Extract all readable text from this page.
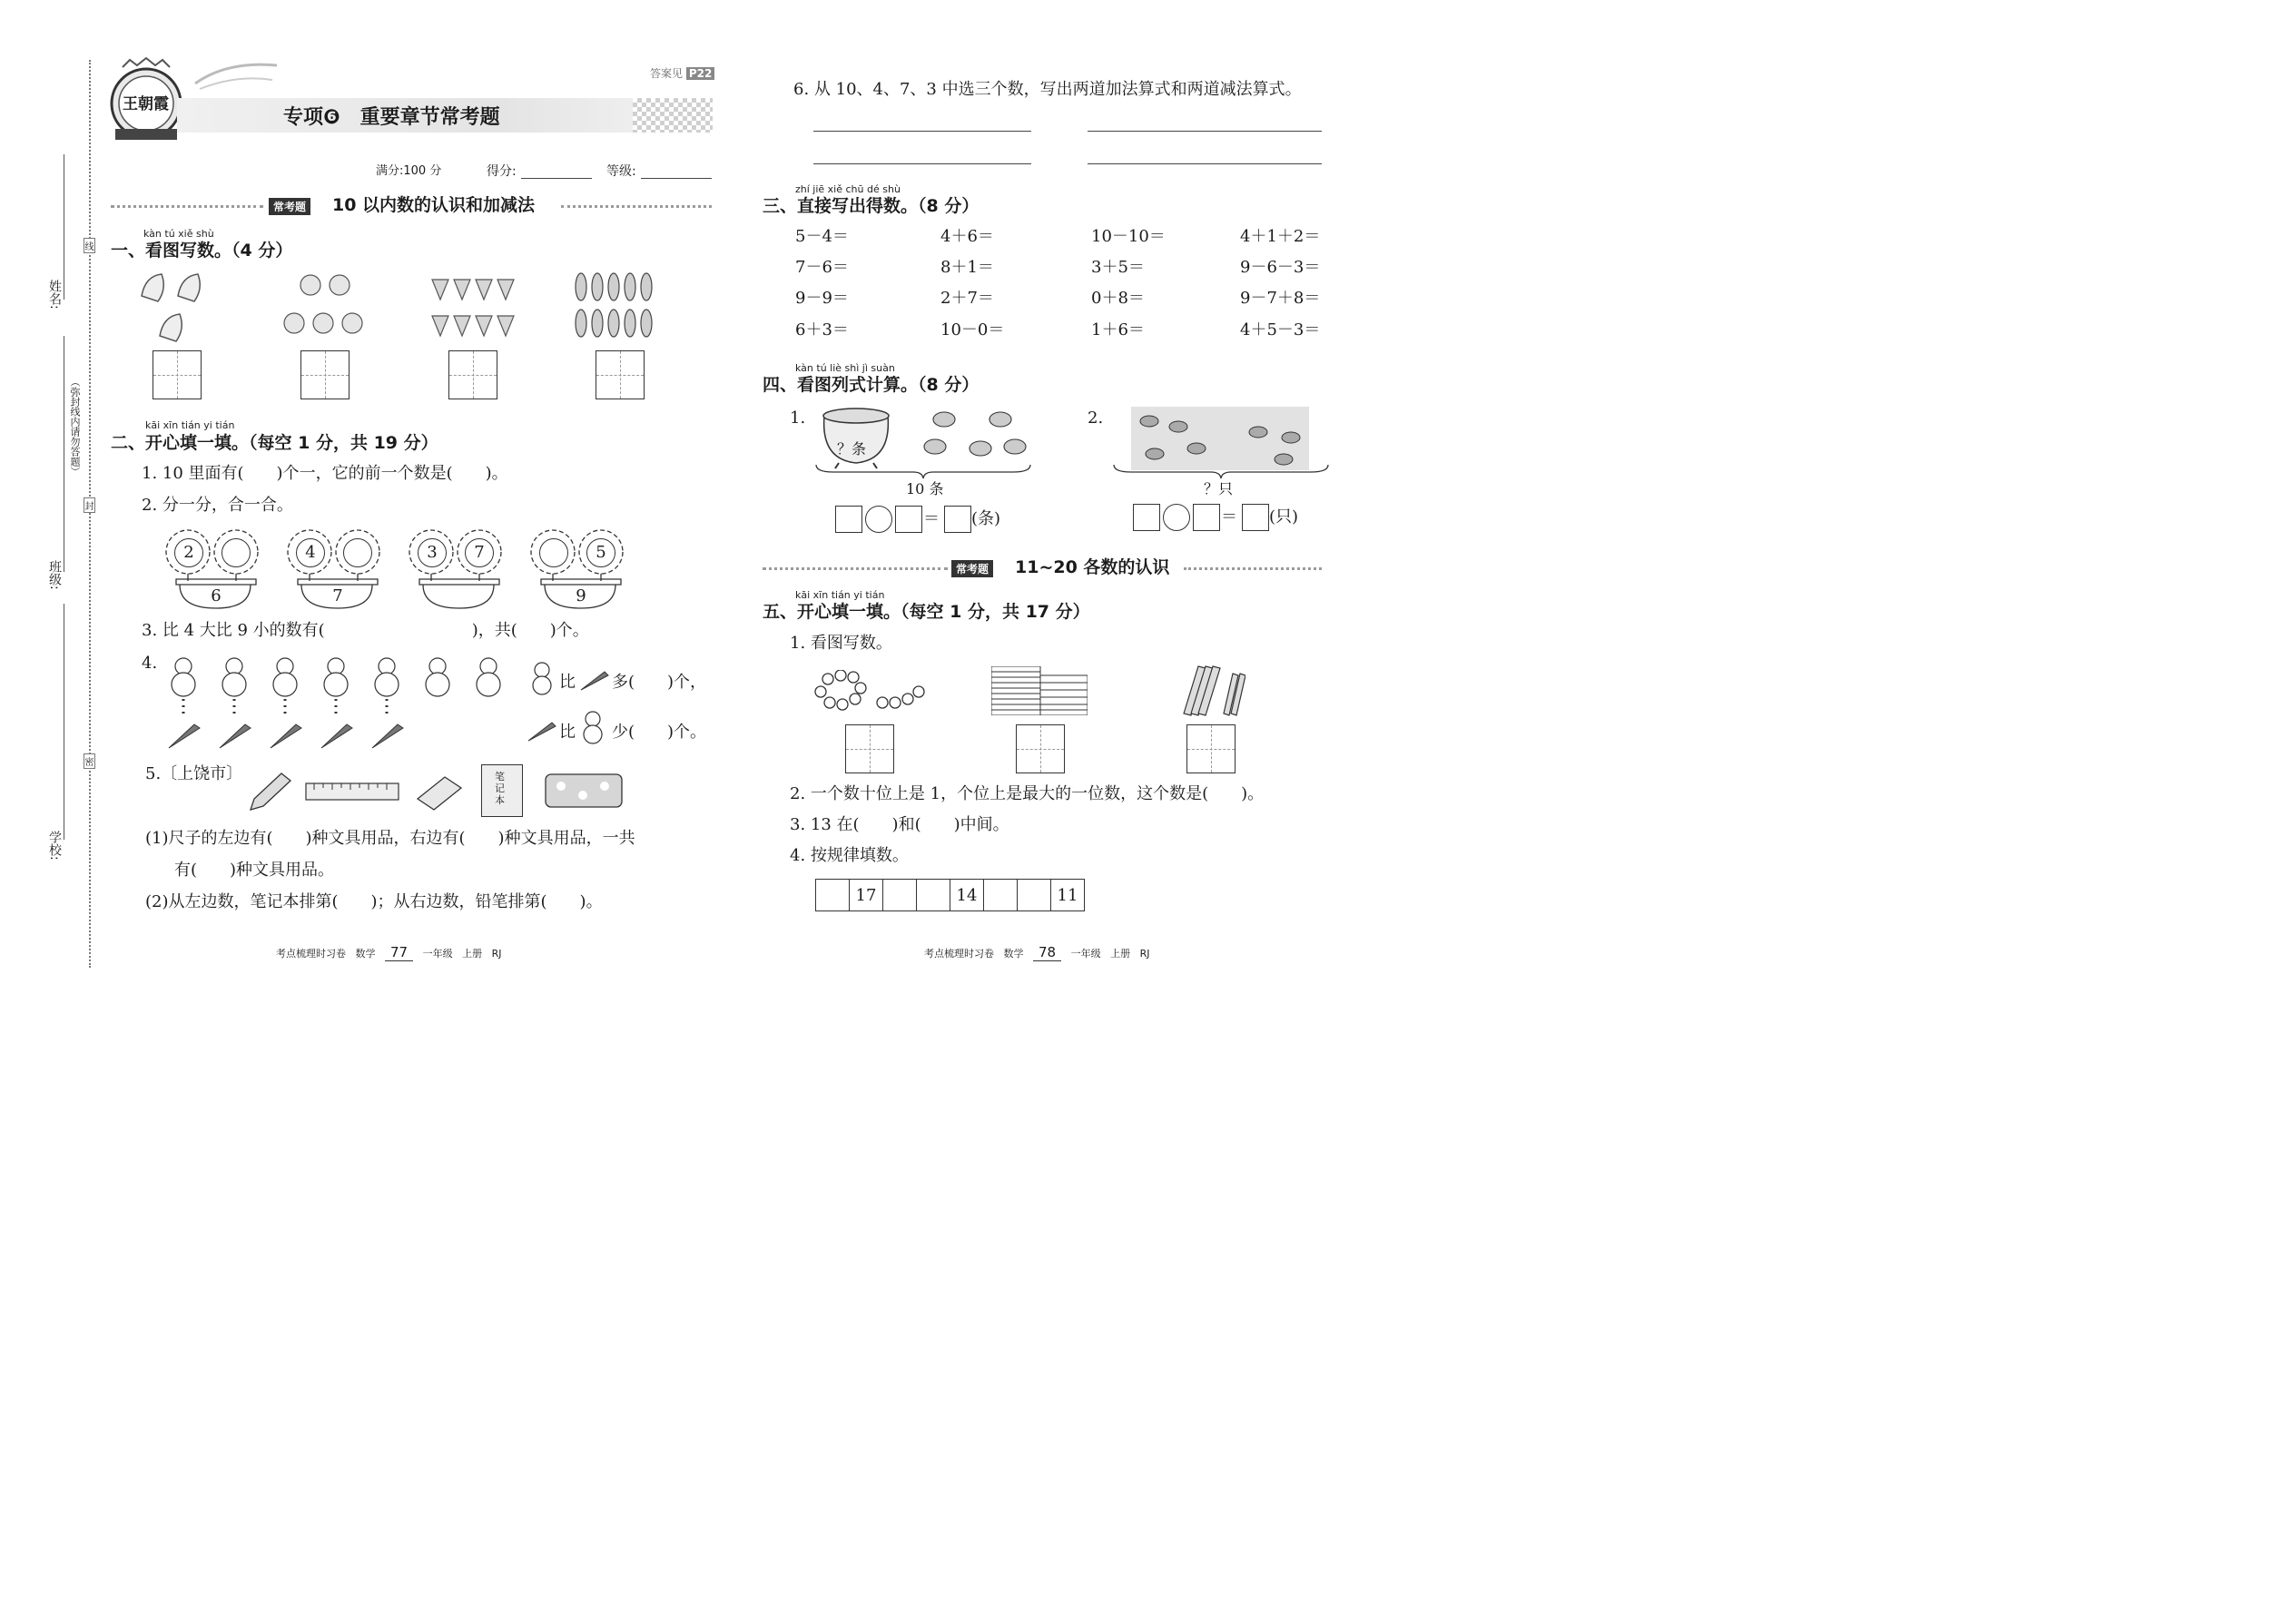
姓名:
班级:
学校:
（弥封线内请勿答题）
线
封
密
王朝霞
答案见 P22
专项❻　重要章节常考题
满分:100 分	得分:	等级:
常考题 10 以内数的认识和加减法
kàn tú xiě shù
一、看图写数。（4 分）
kāi xīn tián yi tián
二、开心填一填。（每空 1 分，共 19 分）
1. 10 里面有(　　)个一，它的前一个数是(　　)。
2. 分一分，合一合。
2
6
4
7
3	7	5
9
3. 比 4 大比 9 小的数有(　　　　　　　　　)，共(　　)个。
4.
比 多(　　)个，
比 少(　　)个。
5.〔上饶市〕	笔记本
(1)尺子的左边有(　　)种文具用品，右边有(　　)种文具用品，一共
有(　　)种文具用品。
(2)从左边数，笔记本排第(　　)；从右边数，铅笔排第(　　)。
考点梳理时习卷 数学 77 一年级 上册 RJ
6. 从 10、4、7、3 中选三个数，写出两道加法算式和两道减法算式。
zhí jiē xiě chū dé shù
三、直接写出得数。（8 分）
5－4＝	4＋6＝	10－10＝	4＋1＋2＝
7－6＝	8＋1＝	3＋5＝	9－6－3＝
9－9＝	2＋7＝	0＋8＝	9－7＋8＝
6＋3＝	10－0＝	1＋6＝	4＋5－3＝
kàn tú liè shì jì suàn
四、看图列式计算。（8 分）
1.
？条
10 条
＝ (条)
2.
？只
＝ (只)
常考题 11~20 各数的认识
kāi xīn tián yi tián
五、开心填一填。（每空 1 分，共 17 分）
1. 看图写数。
2. 一个数十位上是 1，个位上是最大的一位数，这个数是(　　)。
3. 13 在(　　)和(　　)中间。
4. 按规律填数。
	17			14			11
考点梳理时习卷 数学 78 一年级 上册 RJ
